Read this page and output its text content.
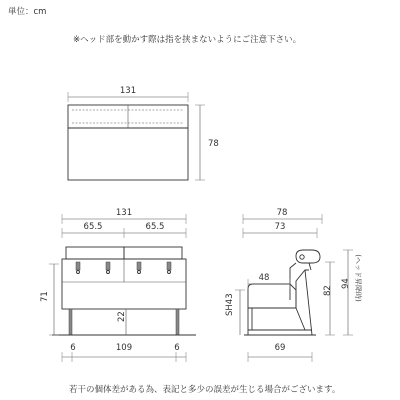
単位：cm
※ヘッド部を動かす際は指を挟まないようにご注意下さい。
131
78
131
65.5	65.5
71
22
6	109	6
78
73
48
SH43
82
94 (ヘッド昇降時)
69
若干の個体差がある為、表記と多少の誤差が生じる場合がございます。
